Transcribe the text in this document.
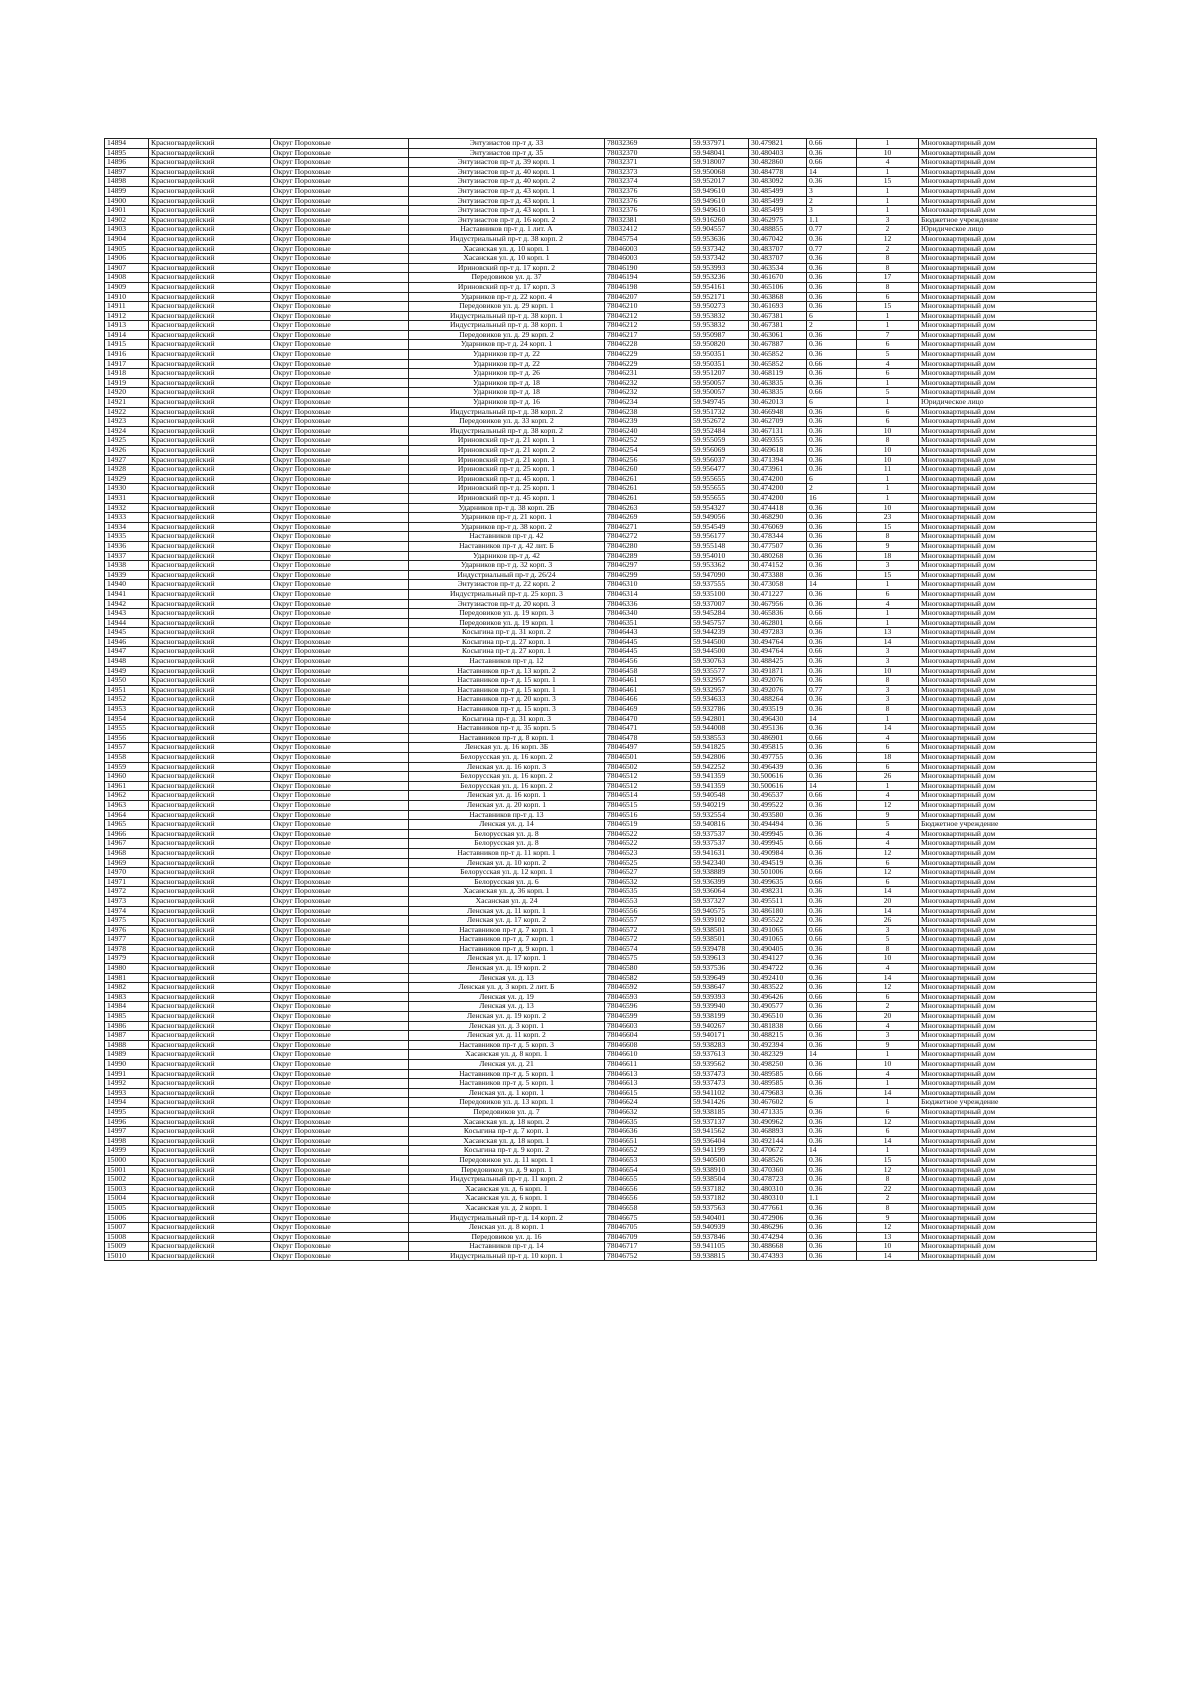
14894	Красногвардейский	Округ Пороховые	Энтузиастов пр-т д. 33	78032369	59.937971	30.479821	0.66	1	Многоквартирный дом
14895	Красногвардейский	Округ Пороховые	Энтузиастов пр-т д. 35	78032370	59.948041	30.480403	0.36	10	Многоквартирный дом
14896	Красногвардейский	Округ Пороховые	Энтузиастов пр-т д. 39 корп. 1	78032371	59.918007	30.482860	0.66	4	Многоквартирный дом
14897	Красногвардейский	Округ Пороховые	Энтузиастов пр-т д. 40 корп. 1	78032373	59.950068	30.484778	14	1	Многоквартирный дом
14898	Красногвардейский	Округ Пороховые	Энтузиастов пр-т д. 40 корп. 2	78032374	59.952017	30.483092	0.36	15	Многоквартирный дом
14899	Красногвардейский	Округ Пороховые	Энтузиастов пр-т д. 43 корп. 1	78032376	59.949610	30.485499	3	1	Многоквартирный дом
14900	Красногвардейский	Округ Пороховые	Энтузиастов пр-т д. 43 корп. 1	78032376	59.949610	30.485499	2	1	Многоквартирный дом
14901	Красногвардейский	Округ Пороховые	Энтузиастов пр-т д. 43 корп. 1	78032376	59.949610	30.485499	3	1	Многоквартирный дом
14902	Красногвардейский	Округ Пороховые	Энтузиастов пр-т д. 16 корп. 2	78032381	59.916260	30.462975	1.1	3	Бюджетное учреждение
14903	Красногвардейский	Округ Пороховые	Наставников пр-т д. 1 лит. А	78032412	59.904557	30.488855	0.77	2	Юридическое лицо
14904	Красногвардейский	Округ Пороховые	Индустриальный пр-т д. 38 корп. 2	78045754	59.953636	30.467042	0.36	12	Многоквартирный дом
14905	Красногвардейский	Округ Пороховые	Хасанская ул. д. 10 корп. 1	78046003	59.937342	30.483707	0.77	2	Многоквартирный дом
14906	Красногвардейский	Округ Пороховые	Хасанская ул. д. 10 корп. 1	78046003	59.937342	30.483707	0.36	8	Многоквартирный дом
14907	Красногвардейский	Округ Пороховые	Ириновский пр-т д. 17 корп. 2	78046190	59.953993	30.463534	0.36	8	Многоквартирный дом
14908	Красногвардейский	Округ Пороховые	Передовиков ул. д. 37	78046194	59.953236	30.461670	0.36	17	Многоквартирный дом
14909	Красногвардейский	Округ Пороховые	Ириновский пр-т д. 17 корп. 3	78046198	59.954161	30.465106	0.36	8	Многоквартирный дом
14910	Красногвардейский	Округ Пороховые	Ударников пр-т д. 22 корп. 4	78046207	59.952171	30.463868	0.36	6	Многоквартирный дом
14911	Красногвардейский	Округ Пороховые	Передовиков ул. д. 29 корп. 1	78046210	59.950273	30.461693	0.36	15	Многоквартирный дом
14912	Красногвардейский	Округ Пороховые	Индустриальный пр-т д. 38 корп. 1	78046212	59.953832	30.467381	6	1	Многоквартирный дом
14913	Красногвардейский	Округ Пороховые	Индустриальный пр-т д. 38 корп. 1	78046212	59.953832	30.467381	2	1	Многоквартирный дом
14914	Красногвардейский	Округ Пороховые	Передовиков ул. д. 29 корп. 2	78046217	59.950987	30.463061	0.36	7	Многоквартирный дом
14915	Красногвардейский	Округ Пороховые	Ударников пр-т д. 24 корп. 1	78046228	59.950820	30.467887	0.36	6	Многоквартирный дом
14916	Красногвардейский	Округ Пороховые	Ударников пр-т д. 22	78046229	59.950351	30.465852	0.36	5	Многоквартирный дом
14917	Красногвардейский	Округ Пороховые	Ударников пр-т д. 22	78046229	59.950351	30.465852	0.66	4	Многоквартирный дом
14918	Красногвардейский	Округ Пороховые	Ударников пр-т д. 26	78046231	59.951207	30.468119	0.36	6	Многоквартирный дом
14919	Красногвардейский	Округ Пороховые	Ударников пр-т д. 18	78046232	59.950057	30.463835	0.36	1	Многоквартирный дом
14920	Красногвардейский	Округ Пороховые	Ударников пр-т д. 18	78046232	59.950057	30.463835	0.66	5	Многоквартирный дом
14921	Красногвардейский	Округ Пороховые	Ударников пр-т д. 16	78046234	59.949745	30.462013	6	1	Юридическое лицо
14922	Красногвардейский	Округ Пороховые	Индустриальный пр-т д. 38 корп. 2	78046238	59.951732	30.466948	0.36	6	Многоквартирный дом
14923	Красногвардейский	Округ Пороховые	Передовиков ул. д. 33 корп. 2	78046239	59.952672	30.462709	0.36	6	Многоквартирный дом
14924	Красногвардейский	Округ Пороховые	Индустриальный пр-т д. 38 корп. 2	78046240	59.952484	30.467131	0.36	10	Многоквартирный дом
14925	Красногвардейский	Округ Пороховые	Ириновский пр-т д. 21 корп. 1	78046252	59.955059	30.469355	0.36	8	Многоквартирный дом
14926	Красногвардейский	Округ Пороховые	Ириновский пр-т д. 21 корп. 2	78046254	59.956069	30.469618	0.36	10	Многоквартирный дом
14927	Красногвардейский	Округ Пороховые	Ириновский пр-т д. 21 корп. 1	78046256	59.956037	30.471394	0.36	10	Многоквартирный дом
14928	Красногвардейский	Округ Пороховые	Ириновский пр-т д. 25 корп. 1	78046260	59.956477	30.473961	0.36	11	Многоквартирный дом
14929	Красногвардейский	Округ Пороховые	Ириновский пр-т д. 45 корп. 1	78046261	59.955655	30.474200	6	1	Многоквартирный дом
14930	Красногвардейский	Округ Пороховые	Ириновский пр-т д. 25 корп. 1	78046261	59.955655	30.474200	2	1	Многоквартирный дом
14931	Красногвардейский	Округ Пороховые	Ириновский пр-т д. 45 корп. 1	78046261	59.955655	30.474200	16	1	Многоквартирный дом
14932	Красногвардейский	Округ Пороховые	Ударников пр-т д. 38 корп. 2Б	78046263	59.954327	30.474418	0.36	10	Многоквартирный дом
14933	Красногвардейский	Округ Пороховые	Ударников пр-т д. 21 корп. 1	78046269	59.949056	30.468290	0.36	23	Многоквартирный дом
14934	Красногвардейский	Округ Пороховые	Ударников пр-т д. 38 корп. 2	78046271	59.954549	30.476069	0.36	15	Многоквартирный дом
14935	Красногвардейский	Округ Пороховые	Наставников пр-т д. 42	78046272	59.956177	30.478344	0.36	8	Многоквартирный дом
14936	Красногвардейский	Округ Пороховые	Наставников пр-т д. 42 лит. Б	78046280	59.955148	30.477507	0.36	9	Многоквартирный дом
14937	Красногвардейский	Округ Пороховые	Ударников пр-т д. 42	78046289	59.954010	30.480268	0.36	18	Многоквартирный дом
14938	Красногвардейский	Округ Пороховые	Ударников пр-т д. 32 корп. 3	78046297	59.953362	30.474152	0.36	3	Многоквартирный дом
14939	Красногвардейский	Округ Пороховые	Индустриальный пр-т д. 26/24	78046299	59.947090	30.473388	0.36	15	Многоквартирный дом
14940	Красногвардейский	Округ Пороховые	Энтузиастов пр-т д. 22 корп. 2	78046310	59.937555	30.473058	14	1	Многоквартирный дом
14941	Красногвардейский	Округ Пороховые	Индустриальный пр-т д. 25 корп. 3	78046314	59.935100	30.471227	0.36	6	Многоквартирный дом
14942	Красногвардейский	Округ Пороховые	Энтузиастов пр-т д. 20 корп. 3	78046336	59.937007	30.467956	0.36	4	Многоквартирный дом
14943	Красногвардейский	Округ Пороховые	Передовиков ул. д. 19 корп. 3	78046340	59.945284	30.465836	0.66	1	Многоквартирный дом
14944	Красногвардейский	Округ Пороховые	Передовиков ул. д. 19 корп. 1	78046351	59.945757	30.462801	0.66	1	Многоквартирный дом
14945	Красногвардейский	Округ Пороховые	Косыгина пр-т д. 31 корп. 2	78046443	59.944239	30.497283	0.36	13	Многоквартирный дом
14946	Красногвардейский	Округ Пороховые	Косыгина пр-т д. 27 корп. 1	78046445	59.944500	30.494764	0.36	14	Многоквартирный дом
14947	Красногвардейский	Округ Пороховые	Косыгина пр-т д. 27 корп. 1	78046445	59.944500	30.494764	0.66	3	Многоквартирный дом
14948	Красногвардейский	Округ Пороховые	Наставников пр-т д. 12	78046456	59.930763	30.488425	0.36	3	Многоквартирный дом
14949	Красногвардейский	Округ Пороховые	Наставников пр-т д. 13 корп. 2	78046458	59.935577	30.491871	0.36	10	Многоквартирный дом
14950	Красногвардейский	Округ Пороховые	Наставников пр-т д. 15 корп. 1	78046461	59.932957	30.492076	0.36	8	Многоквартирный дом
14951	Красногвардейский	Округ Пороховые	Наставников пр-т д. 15 корп. 1	78046461	59.932957	30.492076	0.77	3	Многоквартирный дом
14952	Красногвардейский	Округ Пороховые	Наставников пр-т д. 20 корп. 3	78046466	59.934633	30.488264	0.36	3	Многоквартирный дом
14953	Красногвардейский	Округ Пороховые	Наставников пр-т д. 15 корп. 3	78046469	59.932786	30.493519	0.36	8	Многоквартирный дом
14954	Красногвардейский	Округ Пороховые	Косыгина пр-т д. 31 корп. 3	78046470	59.942801	30.496430	14	1	Многоквартирный дом
14955	Красногвардейский	Округ Пороховые	Наставников пр-т д. 35 корп. 5	78046471	59.944008	30.495136	0.36	14	Многоквартирный дом
14956	Красногвардейский	Округ Пороховые	Наставников пр-т д. 8 корп. 1	78046478	59.938553	30.486901	0.66	4	Многоквартирный дом
14957	Красногвардейский	Округ Пороховые	Ленская ул. д. 16 корп. 3Б	78046497	59.941825	30.495815	0.36	6	Многоквартирный дом
14958	Красногвардейский	Округ Пороховые	Белорусская ул. д. 16 корп. 2	78046501	59.942806	30.497755	0.36	18	Многоквартирный дом
14959	Красногвардейский	Округ Пороховые	Ленская ул. д. 16 корп. 3	78046502	59.942252	30.496439	0.36	6	Многоквартирный дом
14960	Красногвардейский	Округ Пороховые	Белорусская ул. д. 16 корп. 2	78046512	59.941359	30.500616	0.36	26	Многоквартирный дом
14961	Красногвардейский	Округ Пороховые	Белорусская ул. д. 16 корп. 2	78046512	59.941359	30.500616	14	1	Многоквартирный дом
14962	Красногвардейский	Округ Пороховые	Ленская ул. д. 16 корп. 1	78046514	59.940548	30.496537	0.66	4	Многоквартирный дом
14963	Красногвардейский	Округ Пороховые	Ленская ул. д. 20 корп. 1	78046515	59.940219	30.499522	0.36	12	Многоквартирный дом
14964	Красногвардейский	Округ Пороховые	Наставников пр-т д. 13	78046516	59.932554	30.493580	0.36	9	Многоквартирный дом
14965	Красногвардейский	Округ Пороховые	Ленская ул. д. 14	78046519	59.940816	30.494494	0.36	5	Бюджетное учреждение
14966	Красногвардейский	Округ Пороховые	Белорусская ул. д. 8	78046522	59.937537	30.499945	0.36	4	Многоквартирный дом
14967	Красногвардейский	Округ Пороховые	Белорусская ул. д. 8	78046522	59.937537	30.499945	0.66	4	Многоквартирный дом
14968	Красногвардейский	Округ Пороховые	Наставников пр-т д. 11 корп. 1	78046523	59.941631	30.490984	0.36	12	Многоквартирный дом
14969	Красногвардейский	Округ Пороховые	Ленская ул. д. 10 корп. 2	78046525	59.942340	30.494519	0.36	6	Многоквартирный дом
14970	Красногвардейский	Округ Пороховые	Белорусская ул. д. 12 корп. 1	78046527	59.938889	30.501006	0.66	12	Многоквартирный дом
14971	Красногвардейский	Округ Пороховые	Белорусская ул. д. 6	78046532	59.936399	30.499635	0.66	6	Многоквартирный дом
14972	Красногвардейский	Округ Пороховые	Хасанская ул. д. 36 корп. 1	78046535	59.936064	30.498231	0.36	14	Многоквартирный дом
14973	Красногвардейский	Округ Пороховые	Хасанская ул. д. 24	78046553	59.937327	30.495511	0.36	20	Многоквартирный дом
14974	Красногвардейский	Округ Пороховые	Ленская ул. д. 11 корп. 1	78046556	59.940575	30.486180	0.36	14	Многоквартирный дом
14975	Красногвардейский	Округ Пороховые	Ленская ул. д. 17 корп. 2	78046557	59.939102	30.495522	0.36	26	Многоквартирный дом
14976	Красногвардейский	Округ Пороховые	Наставников пр-т д. 7 корп. 1	78046572	59.938501	30.491065	0.66	3	Многоквартирный дом
14977	Красногвардейский	Округ Пороховые	Наставников пр-т д. 7 корп. 1	78046572	59.938501	30.491065	0.66	5	Многоквартирный дом
14978	Красногвардейский	Округ Пороховые	Наставников пр-т д. 9 корп. 1	78046574	59.939478	30.490405	0.36	8	Многоквартирный дом
14979	Красногвардейский	Округ Пороховые	Ленская ул. д. 17 корп. 1	78046575	59.939613	30.494127	0.36	10	Многоквартирный дом
14980	Красногвардейский	Округ Пороховые	Ленская ул. д. 19 корп. 2	78046580	59.937536	30.494722	0.36	4	Многоквартирный дом
14981	Красногвардейский	Округ Пороховые	Ленская ул. д. 13	78046582	59.939649	30.492410	0.36	14	Многоквартирный дом
14982	Красногвардейский	Округ Пороховые	Ленская ул. д. 3 корп. 2 лит. Б	78046592	59.938647	30.483522	0.36	12	Многоквартирный дом
14983	Красногвардейский	Округ Пороховые	Ленская ул. д. 19	78046593	59.939393	30.496426	0.66	6	Многоквартирный дом
14984	Красногвардейский	Округ Пороховые	Ленская ул. д. 13	78046596	59.939940	30.490577	0.36	2	Многоквартирный дом
14985	Красногвардейский	Округ Пороховые	Ленская ул. д. 19 корп. 2	78046599	59.938199	30.496510	0.36	20	Многоквартирный дом
14986	Красногвардейский	Округ Пороховые	Ленская ул. д. 3 корп. 1	78046603	59.940267	30.481838	0.66	4	Многоквартирный дом
14987	Красногвардейский	Округ Пороховые	Ленская ул. д. 11 корп. 2	78046604	59.940171	30.488215	0.36	3	Многоквартирный дом
14988	Красногвардейский	Округ Пороховые	Наставников пр-т д. 5 корп. 3	78046608	59.938283	30.492394	0.36	9	Многоквартирный дом
14989	Красногвардейский	Округ Пороховые	Хасанская ул. д. 8 корп. 1	78046610	59.937613	30.482329	14	1	Многоквартирный дом
14990	Красногвардейский	Округ Пороховые	Ленская ул. д. 21	78046611	59.939562	30.498250	0.36	10	Многоквартирный дом
14991	Красногвардейский	Округ Пороховые	Наставников пр-т д. 5 корп. 1	78046613	59.937473	30.489585	0.66	4	Многоквартирный дом
14992	Красногвардейский	Округ Пороховые	Наставников пр-т д. 5 корп. 1	78046613	59.937473	30.489585	0.36	1	Многоквартирный дом
14993	Красногвардейский	Округ Пороховые	Ленская ул. д. 1 корп. 1	78046615	59.941102	30.479683	0.36	14	Многоквартирный дом
14994	Красногвардейский	Округ Пороховые	Передовиков ул. д. 13 корп. 1	78046624	59.941426	30.467602	6	1	Бюджетное учреждение
14995	Красногвардейский	Округ Пороховые	Передовиков ул. д. 7	78046632	59.938185	30.471335	0.36	6	Многоквартирный дом
14996	Красногвардейский	Округ Пороховые	Хасанская ул. д. 18 корп. 2	78046635	59.937137	30.490962	0.36	12	Многоквартирный дом
14997	Красногвардейский	Округ Пороховые	Косыгина пр-т д. 7 корп. 1	78046636	59.941562	30.468893	0.36	6	Многоквартирный дом
14998	Красногвардейский	Округ Пороховые	Хасанская ул. д. 18 корп. 1	78046651	59.936404	30.492144	0.36	14	Многоквартирный дом
14999	Красногвардейский	Округ Пороховые	Косыгина пр-т д. 9 корп. 2	78046652	59.941199	30.470672	14	1	Многоквартирный дом
15000	Красногвардейский	Округ Пороховые	Передовиков ул. д. 11 корп. 1	78046653	59.940500	30.468526	0.36	15	Многоквартирный дом
15001	Красногвардейский	Округ Пороховые	Передовиков ул. д. 9 корп. 1	78046654	59.938910	30.470360	0.36	12	Многоквартирный дом
15002	Красногвардейский	Округ Пороховые	Индустриальный пр-т д. 11 корп. 2	78046655	59.938504	30.478723	0.36	8	Многоквартирный дом
15003	Красногвардейский	Округ Пороховые	Хасанская ул. д. 6 корп. 1	78046656	59.937182	30.480310	0.36	22	Многоквартирный дом
15004	Красногвардейский	Округ Пороховые	Хасанская ул. д. 6 корп. 1	78046656	59.937182	30.480310	1.1	2	Многоквартирный дом
15005	Красногвардейский	Округ Пороховые	Хасанская ул. д. 2 корп. 1	78046658	59.937563	30.477661	0.36	8	Многоквартирный дом
15006	Красногвардейский	Округ Пороховые	Индустриальный пр-т д. 14 корп. 2	78046675	59.940401	30.472906	0.36	9	Многоквартирный дом
15007	Красногвардейский	Округ Пороховые	Ленская ул. д. 8 корп. 1	78046705	59.940939	30.486296	0.36	12	Многоквартирный дом
15008	Красногвардейский	Округ Пороховые	Передовиков ул. д. 16	78046709	59.937846	30.474294	0.36	13	Многоквартирный дом
15009	Красногвардейский	Округ Пороховые	Наставников пр-т д. 14	78046717	59.941105	30.488668	0.36	10	Многоквартирный дом
15010	Красногвардейский	Округ Пороховые	Индустриальный пр-т д. 10 корп. 1	78046752	59.938815	30.474393	0.36	14	Многоквартирный дом
